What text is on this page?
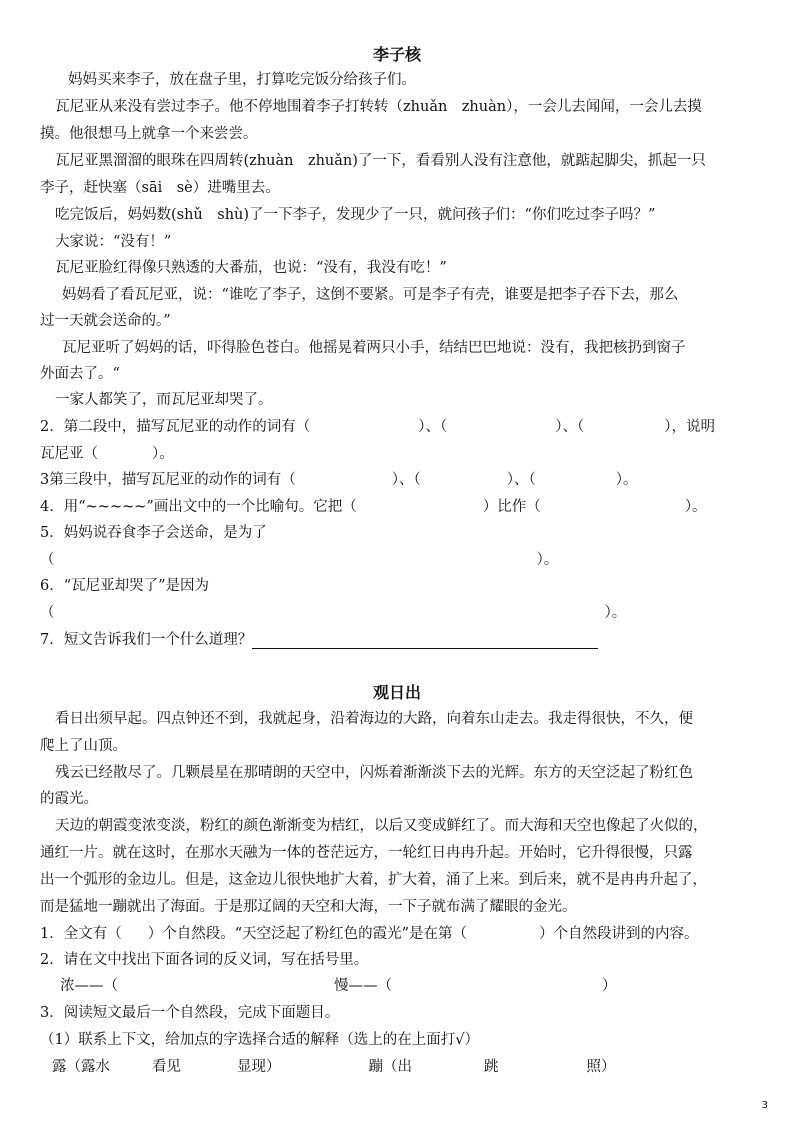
李子核
妈妈买来李子，放在盘子里，打算吃完饭分给孩子们。
瓦尼亚从来没有尝过李子。他不停地围着李子打转转（zhuǎn　zhuàn），一会儿去闻闻，一会儿去摸
摸。他很想马上就拿一个来尝尝。
瓦尼亚黑溜溜的眼珠在四周转(zhuàn　zhuǎn)了一下，看看别人没有注意他，就踮起脚尖，抓起一只
李子，赶快塞（sāi　sè）进嘴里去。
吃完饭后，妈妈数(shǔ　shù)了一下李子，发现少了一只，就问孩子们：“你们吃过李子吗？”
大家说：“没有！”
瓦尼亚脸红得像只熟透的大番茄，也说：“没有，我没有吃！”
妈妈看了看瓦尼亚，说：“谁吃了李子，这倒不要紧。可是李子有壳，谁要是把李子吞下去，那么
过一天就会送命的。”
瓦尼亚听了妈妈的话，吓得脸色苍白。他摇晃着两只小手，结结巴巴地说：没有，我把核扔到窗子
外面去了。“
一家人都笑了，而瓦尼亚却哭了。
2．第二段中，描写瓦尼亚的动作的词有（	）、（	）、（	），说明
瓦尼亚（	）。
3第三段中，描写瓦尼亚的动作的词有（	）、（	）、（	）。
4．用“~~~~~”画出文中的一个比喻句。它把（	）比作（	）。
5．妈妈说吞食李子会送命，是为了
（	）。
6．“瓦尼亚却哭了”是因为
（	）。
7．短文告诉我们一个什么道理？
观日出
看日出须早起。四点钟还不到，我就起身，沿着海边的大路，向着东山走去。我走得很快，不久，便
爬上了山顶。
残云已经散尽了。几颗晨星在那晴朗的天空中，闪烁着渐渐淡下去的光辉。东方的天空泛起了粉红色
的霞光。
天边的朝霞变浓变淡，粉红的颜色渐渐变为桔红，以后又变成鲜红了。而大海和天空也像起了火似的，
通红一片。就在这时，在那水天融为一体的苍茫远方，一轮红日冉冉升起。开始时，它升得很慢，只露
出一个弧形的金边儿。但是，这金边儿很快地扩大着，扩大着，涌了上来。到后来，就不是冉冉升起了，
而是猛地一蹦就出了海面。于是那辽阔的天空和大海，一下子就布满了耀眼的金光。
1．全文有（ ）个自然段。“天空泛起了粉红色的霞光”是在第（	）个自然段讲到的内容。
2．请在文中找出下面各词的反义词，写在括号里。
浓——（	慢——（	）
3．阅读短文最后一个自然段，完成下面题目。
（1）联系上下文，给加点的字选择合适的解释（选上的在上面打√）
露（露水	看见	显现）	蹦（出	跳	照）
3
